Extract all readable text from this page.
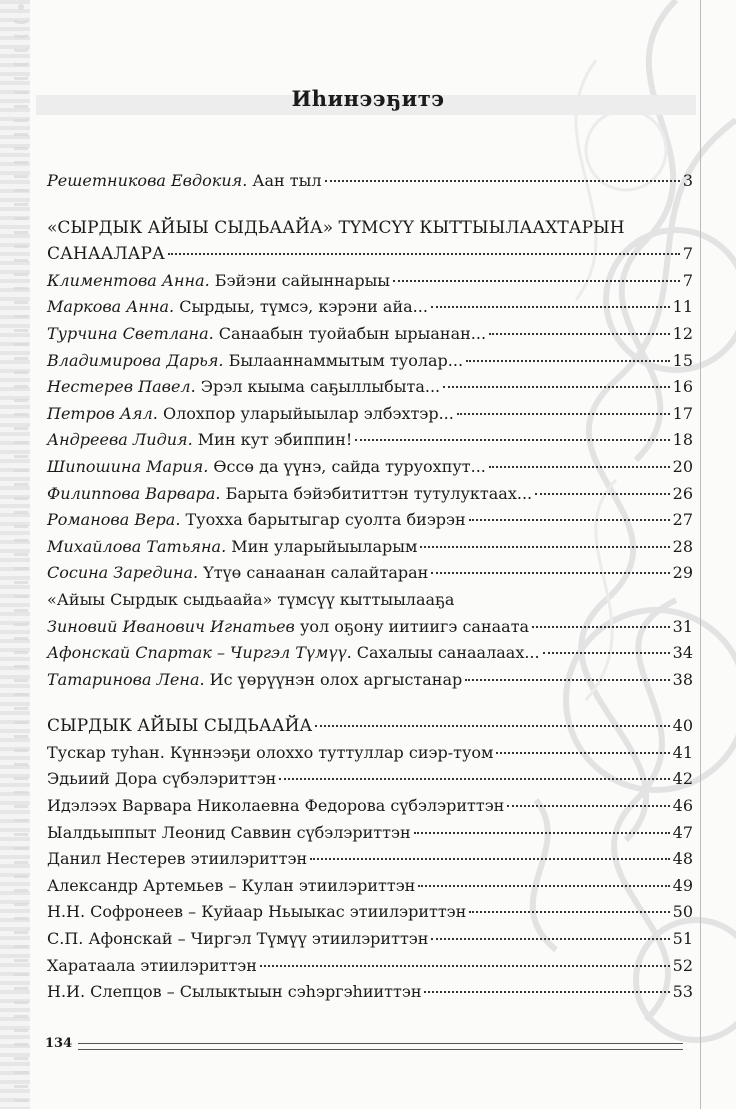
Иһинээҕитэ
Решетникова Евдокия. Аан тыл	3
«СЫРДЫК АЙЫЫ СЫДЬААЙА» ТҮМСҮҮ КЫТТЫЫЛААХТАРЫН
САНААЛАРА	7
Климентова Анна. Бэйэни сайыннарыы	7
Маркова Анна. Сырдыы, түмсэ, кэрэни айа...	11
Турчина Светлана. Санаабын туойабын ырыанан...	12
Владимирова Дарья. Былааннаммытым туолар...	15
Нестерев Павел. Эрэл кыыма саҕыллыбыта...	16
Петров Аял. Олохпор уларыйыылар элбэхтэр...	17
Андреева Лидия. Мин кут эбиппин!	18
Шипошина Мария. Өссө да үүнэ, сайда туруохпут...	20
Филиппова Варвара. Барыта бэйэбититтэн тутулуктаах...	26
Романова Вера. Туохха барытыгар суолта биэрэн	27
Михайлова Татьяна. Мин уларыйыыларым	28
Сосина Заредина. Үтүө санаанан салайтаран	29
«Айыы Сырдык сыдьаайа» түмсүү кыттыылааҕа
Зиновий Иванович Игнатьев уол оҕону иитиигэ санаата	31
Афонскай Спартак – Чиргэл Түмүү. Сахалыы санаалаах...	34
Татаринова Лена. Ис үөрүүнэн олох аргыстанар	38
СЫРДЫК АЙЫЫ СЫДЬААЙА	40
Тускар туһан. Күннээҕи олоххо туттуллар сиэр-туом	41
Эдьиий Дора сүбэлэриттэн	42
Идэлээх Варвара Николаевна Федорова сүбэлэриттэн	46
Ыалдьыппыт Леонид Саввин сүбэлэриттэн	47
Данил Нестерев этиилэриттэн	48
Александр Артемьев – Кулан этиилэриттэн	49
Н.Н. Софронеев – Куйаар Ньыыкас этиилэриттэн	50
С.П. Афонскай – Чиргэл Түмүү этиилэриттэн	51
Харатаала этиилэриттэн	52
Н.И. Слепцов – Сылыктыын сэһэргэһииттэн	53
134
